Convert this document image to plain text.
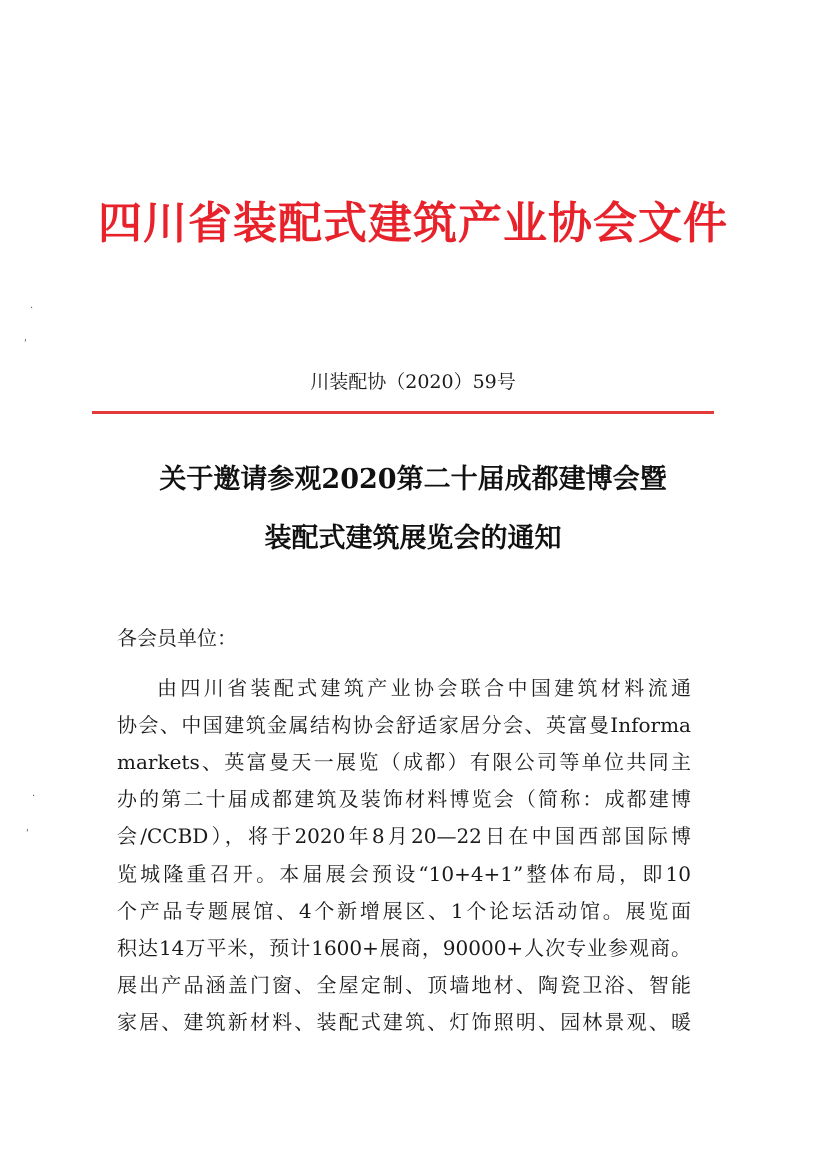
四川省装配式建筑产业协会文件
川装配协（2020）59号
关于邀请参观2020第二十届成都建博会暨
装配式建筑展览会的通知
各会员单位：
由四川省装配式建筑产业协会联合中国建筑材料流通
协会、中国建筑金属结构协会舒适家居分会、英富曼Informa
markets、英富曼天一展览（成都）有限公司等单位共同主
办的第二十届成都建筑及装饰材料博览会（简称：成都建博
会/CCBD），将于2020年8月20—22日在中国西部国际博
览城隆重召开。本届展会预设“10+4+1”整体布局，即10
个产品专题展馆、4个新增展区、1个论坛活动馆。展览面
积达14万平米，预计1600+展商，90000+人次专业参观商。
展出产品涵盖门窗、全屋定制、顶墙地材、陶瓷卫浴、智能
家居、建筑新材料、装配式建筑、灯饰照明、园林景观、暖
·
ʹ
·
ʹ
